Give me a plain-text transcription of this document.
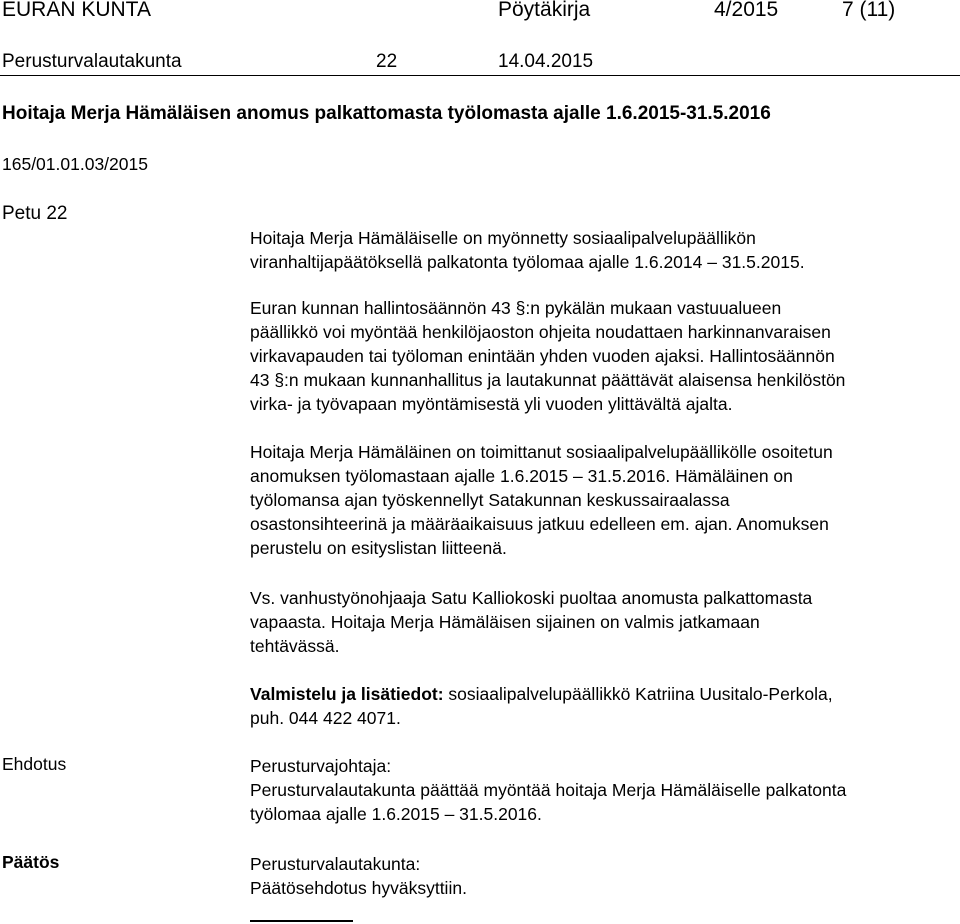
EURAN KUNTA	Pöytäkirja	4/2015	7 (11)
Perusturvalautakunta	22	14.04.2015
Hoitaja Merja Hämäläisen anomus palkattomasta työlomasta ajalle 1.6.2015-31.5.2016
165/01.01.03/2015
Petu 22

Hoitaja Merja Hämäläiselle on myönnetty sosiaalipalvelupäällikön

viranhaltijapäätöksellä palkatonta työlomaa ajalle 1.6.2014 – 31.5.2015.

Euran kunnan hallintosäännön 43 §:n pykälän mukaan vastuualueen

päällikkö voi myöntää henkilöjaoston ohjeita noudattaen harkinnanvaraisen

virkavapauden tai työloman enintään yhden vuoden ajaksi. Hallintosäännön

43 §:n mukaan kunnanhallitus ja lautakunnat päättävät alaisensa henkilöstön

virka- ja työvapaan myöntämisestä yli vuoden ylittävältä ajalta.

Hoitaja Merja Hämäläinen on toimittanut sosiaalipalvelupäällikölle osoitetun

anomuksen työlomastaan ajalle 1.6.2015 – 31.5.2016. Hämäläinen on

työlomansa ajan työskennellyt Satakunnan keskussairaalassa

osastonsihteerinä ja määräaikaisuus jatkuu edelleen em. ajan. Anomuksen

perustelu on esityslistan liitteenä.

Vs. vanhustyönohjaaja Satu Kalliokoski puoltaa anomusta palkattomasta

vapaasta. Hoitaja Merja Hämäläisen sijainen on valmis jatkamaan

tehtävässä.

Valmistelu ja lisätiedot: sosiaalipalvelupäällikkö Katriina Uusitalo-Perkola,

puh. 044 422 4071.

Ehdotus	Perusturvajohtaja:

Perusturvalautakunta päättää myöntää hoitaja Merja Hämäläiselle palkatonta

työlomaa ajalle 1.6.2015 – 31.5.2016.

Päätös	Perusturvalautakunta:

Päätösehdotus hyväksyttiin.
